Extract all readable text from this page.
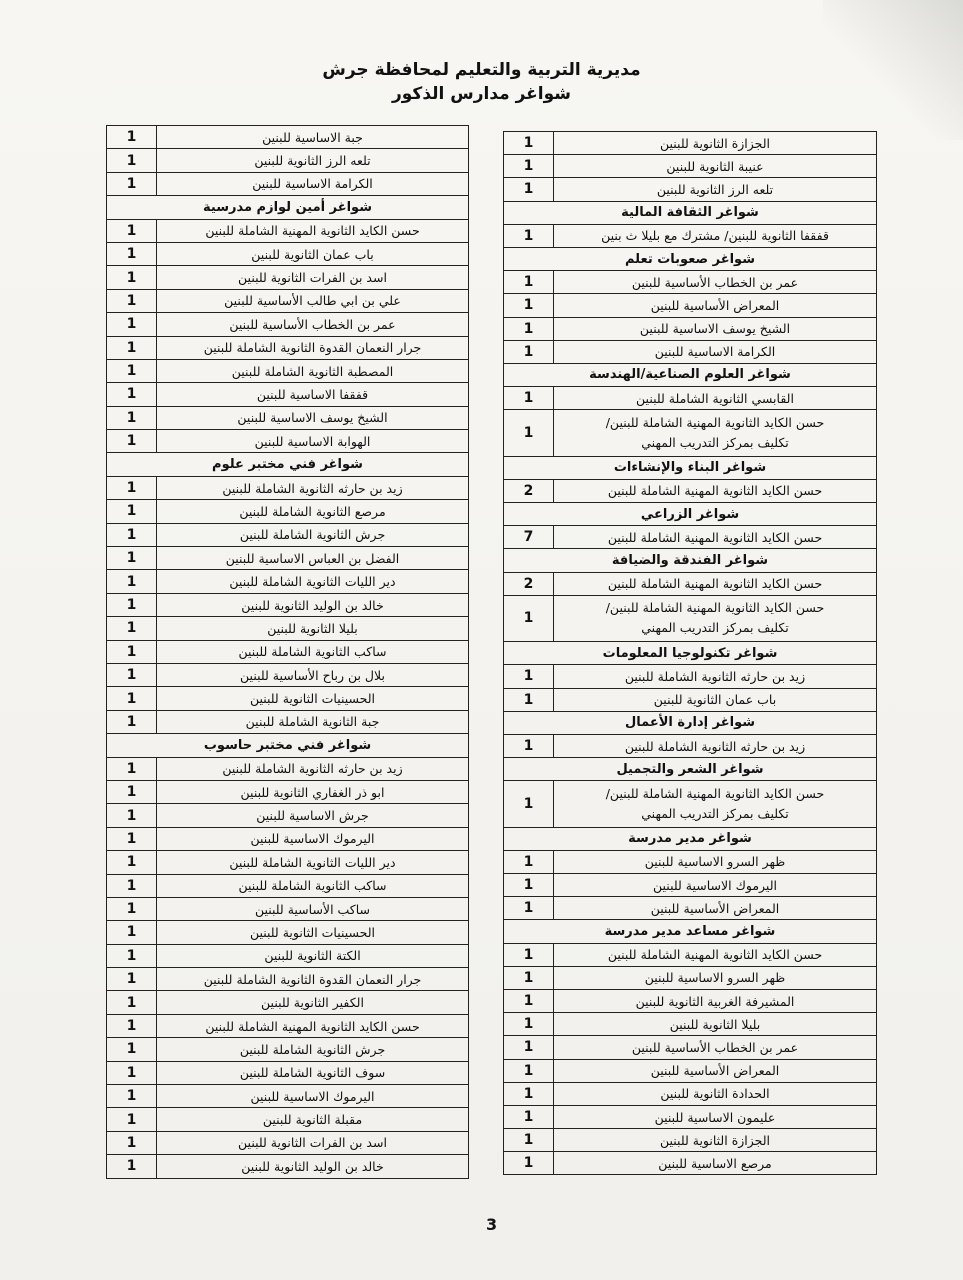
مديرية التربية والتعليم لمحافظة جرش
شواغر مدارس الذكور
جبة الاساسية للبنين	1

تلعه الرز الثانوية للبنين	1

الكرامة الاساسية للبنين	1
شواغر أمين لوازم مدرسية	

حسن الكايد الثانوية المهنية الشاملة للبنين	1

باب عمان الثانوية للبنين	1

اسد بن الفرات الثانوية للبنين	1

علي بن ابي طالب الأساسية للبنين	1

عمر بن الخطاب الأساسية للبنين	1

جرار النعمان القدوة الثانوية الشاملة للبنين	1

المصطبة الثانوية الشاملة للبنين	1

قفقفا الاساسية للبنين	1

الشيخ يوسف الاساسية للبنين	1

الهوابة الاساسية للبنين	1
شواغر فني مختبر علوم	

زيد بن حارثه الثانوية الشاملة للبنين	1

مرصع الثانوية الشاملة للبنين	1

جرش الثانوية الشاملة للبنين	1

الفضل بن العباس الاساسية للبنين	1

دير الليات الثانوية الشاملة للبنين	1

خالد بن الوليد الثانوية للبنين	1

بليلا الثانوية للبنين	1

ساكب الثانوية الشاملة للبنين	1

بلال بن رباح الأساسية للبنين	1

الحسينيات الثانوية للبنين	1

جبة الثانوية الشاملة للبنين	1
شواغر فني مختبر حاسوب	

زيد بن حارثه الثانوية الشاملة للبنين	1

ابو ذر الغفاري الثانوية للبنين	1

جرش الاساسية للبنين	1

اليرموك الاساسية للبنين	1

دير الليات الثانوية الشاملة للبنين	1

ساكب الثانوية الشاملة للبنين	1

ساكب الأساسية للبنين	1

الحسينيات الثانوية للبنين	1

الكتة الثانوية للبنين	1

جرار النعمان القدوة الثانوية الشاملة للبنين	1

الكفير الثانوية للبنين	1

حسن الكايد الثانوية المهنية الشاملة للبنين	1

جرش الثانوية الشاملة للبنين	1

سوف الثانوية الشاملة للبنين	1

اليرموك الاساسية للبنين	1

مقبلة الثانوية للبنين	1

اسد بن الفرات الثانوية للبنين	1

خالد بن الوليد الثانوية للبنين	1
الجزازة الثانوية للبنين	1

عنيبة الثانوية للبنين	1

تلعه الرز الثانوية للبنين	1
شواغر الثقافة المالية	

قفقفا الثانوية للبنين/ مشترك مع بليلا ث بنين	1
شواغر صعوبات تعلم	

عمر بن الخطاب الأساسية للبنين	1

المعراض الأساسية للبنين	1

الشيخ يوسف الاساسية للبنين	1

الكرامة الاساسية للبنين	1
شواغر العلوم الصناعية/الهندسة	

القابسي الثانوية الشاملة للبنين	1

حسن الكايد الثانوية المهنية الشاملة للبنين/
تكليف بمركز التدريب المهني	1
شواغر البناء والإنشاءات	

حسن الكايد الثانوية المهنية الشاملة للبنين	2
شواغر الزراعي	

حسن الكايد الثانوية المهنية الشاملة للبنين	7
شواغر الفندقة والضيافة	

حسن الكايد الثانوية المهنية الشاملة للبنين	2

حسن الكايد الثانوية المهنية الشاملة للبنين/
تكليف بمركز التدريب المهني	1
شواغر تكنولوجيا المعلومات	

زيد بن حارثه الثانوية الشاملة للبنين	1

باب عمان الثانوية للبنين	1
شواغر إدارة الأعمال	

زيد بن حارثه الثانوية الشاملة للبنين	1
شواغر الشعر والتجميل	

حسن الكايد الثانوية المهنية الشاملة للبنين/
تكليف بمركز التدريب المهني	1
شواغر مدير مدرسة	

ظهر السرو الاساسية للبنين	1

اليرموك الاساسية للبنين	1

المعراض الأساسية للبنين	1
شواغر مساعد مدير مدرسة	

حسن الكايد الثانوية المهنية الشاملة للبنين	1

ظهر السرو الاساسية للبنين	1

المشيرفة الغربية الثانوية للبنين	1

بليلا الثانوية للبنين	1

عمر بن الخطاب الأساسية للبنين	1

المعراض الأساسية للبنين	1

الحدادة الثانوية للبنين	1

عليمون الاساسية للبنين	1

الجزازة الثانوية للبنين	1

مرصع الاساسية للبنين	1
3
